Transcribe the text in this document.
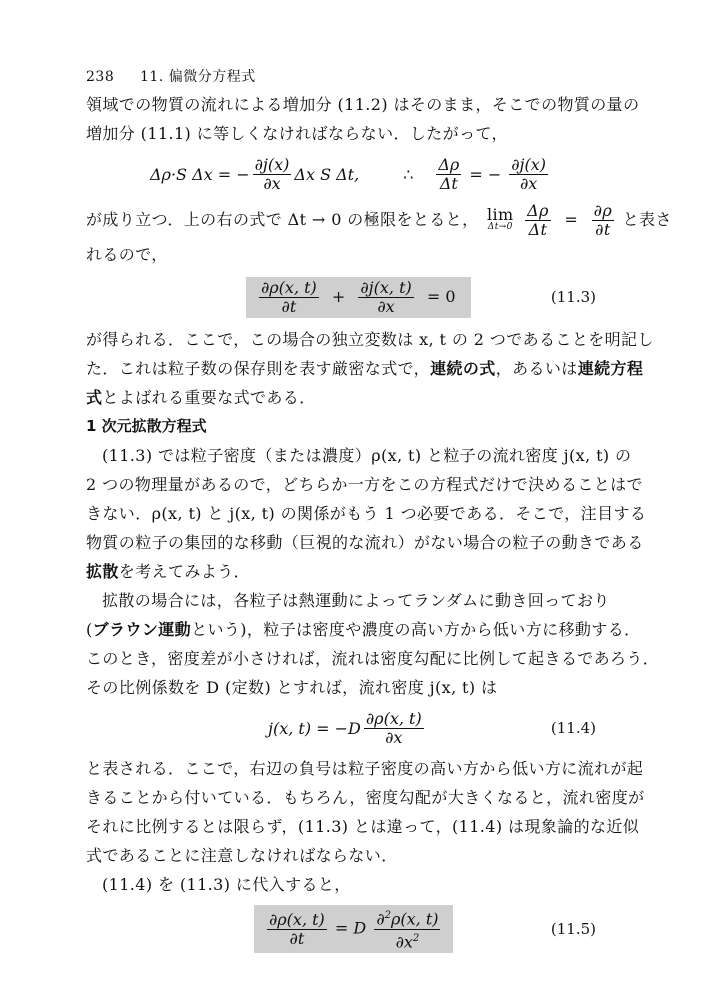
238 11. 偏微分方程式
領域での物質の流れによる増加分 (11.2) はそのまま，そこでの物質の量の
増加分 (11.1) に等しくなければならない．したがって，
Δρ·S Δx = − $\frac{\partial j(x)}{\partial x}$ Δx S Δt,	∴ $\frac{\Delta\rho}{\Delta t}$ = − $\frac{\partial j(x)}{\partial x}$
が成り立つ．上の右の式で Δt → 0 の極限をとると， lim
Δt→0
$\frac{\Delta\rho}{\Delta t} = \frac{\partial\rho}{\partial t}$ と表さ
れるので，
$\frac{\partial\rho(x, t)}{\partial t} + \frac{\partial j(x, t)}{\partial x} = 0$	(11.3)
が得られる．ここで，この場合の独立変数は x, t の 2 つであることを明記し
た．これは粒子数の保存則を表す厳密な式で，連続の式，あるいは連続方程
式とよばれる重要な式である．
1 次元拡散方程式
(11.3) では粒子密度（または濃度）ρ(x, t) と粒子の流れ密度 j(x, t) の
2 つの物理量があるので，どちらか一方をこの方程式だけで決めることはで
きない．ρ(x, t) と j(x, t) の関係がもう 1 つ必要である．そこで，注目する
物質の粒子の集団的な移動（巨視的な流れ）がない場合の粒子の動きである
拡散を考えてみよう．
拡散の場合には，各粒子は熱運動によってランダムに動き回っており
(ブラウン運動という)，粒子は密度や濃度の高い方から低い方に移動する．
このとき，密度差が小さければ，流れは密度勾配に比例して起きるであろう．
その比例係数を D (定数) とすれば，流れ密度 j(x, t) は
j(x, $t) = -D \frac{\partial\rho(x, t)}{\partial x}$	(11.4)
と表される．ここで，右辺の負号は粒子密度の高い方から低い方に流れが起
きることから付いている．もちろん，密度勾配が大きくなると，流れ密度が
それに比例するとは限らず，(11.3) とは違って，(11.4) は現象論的な近似
式であることに注意しなければならない．
(11.4) を (11.3) に代入すると，
$\frac{\partial\rho(x, t)}{\partial t} = D \frac{\partial^2\rho(x, t)}{\partial x^2}$	(11.5)
